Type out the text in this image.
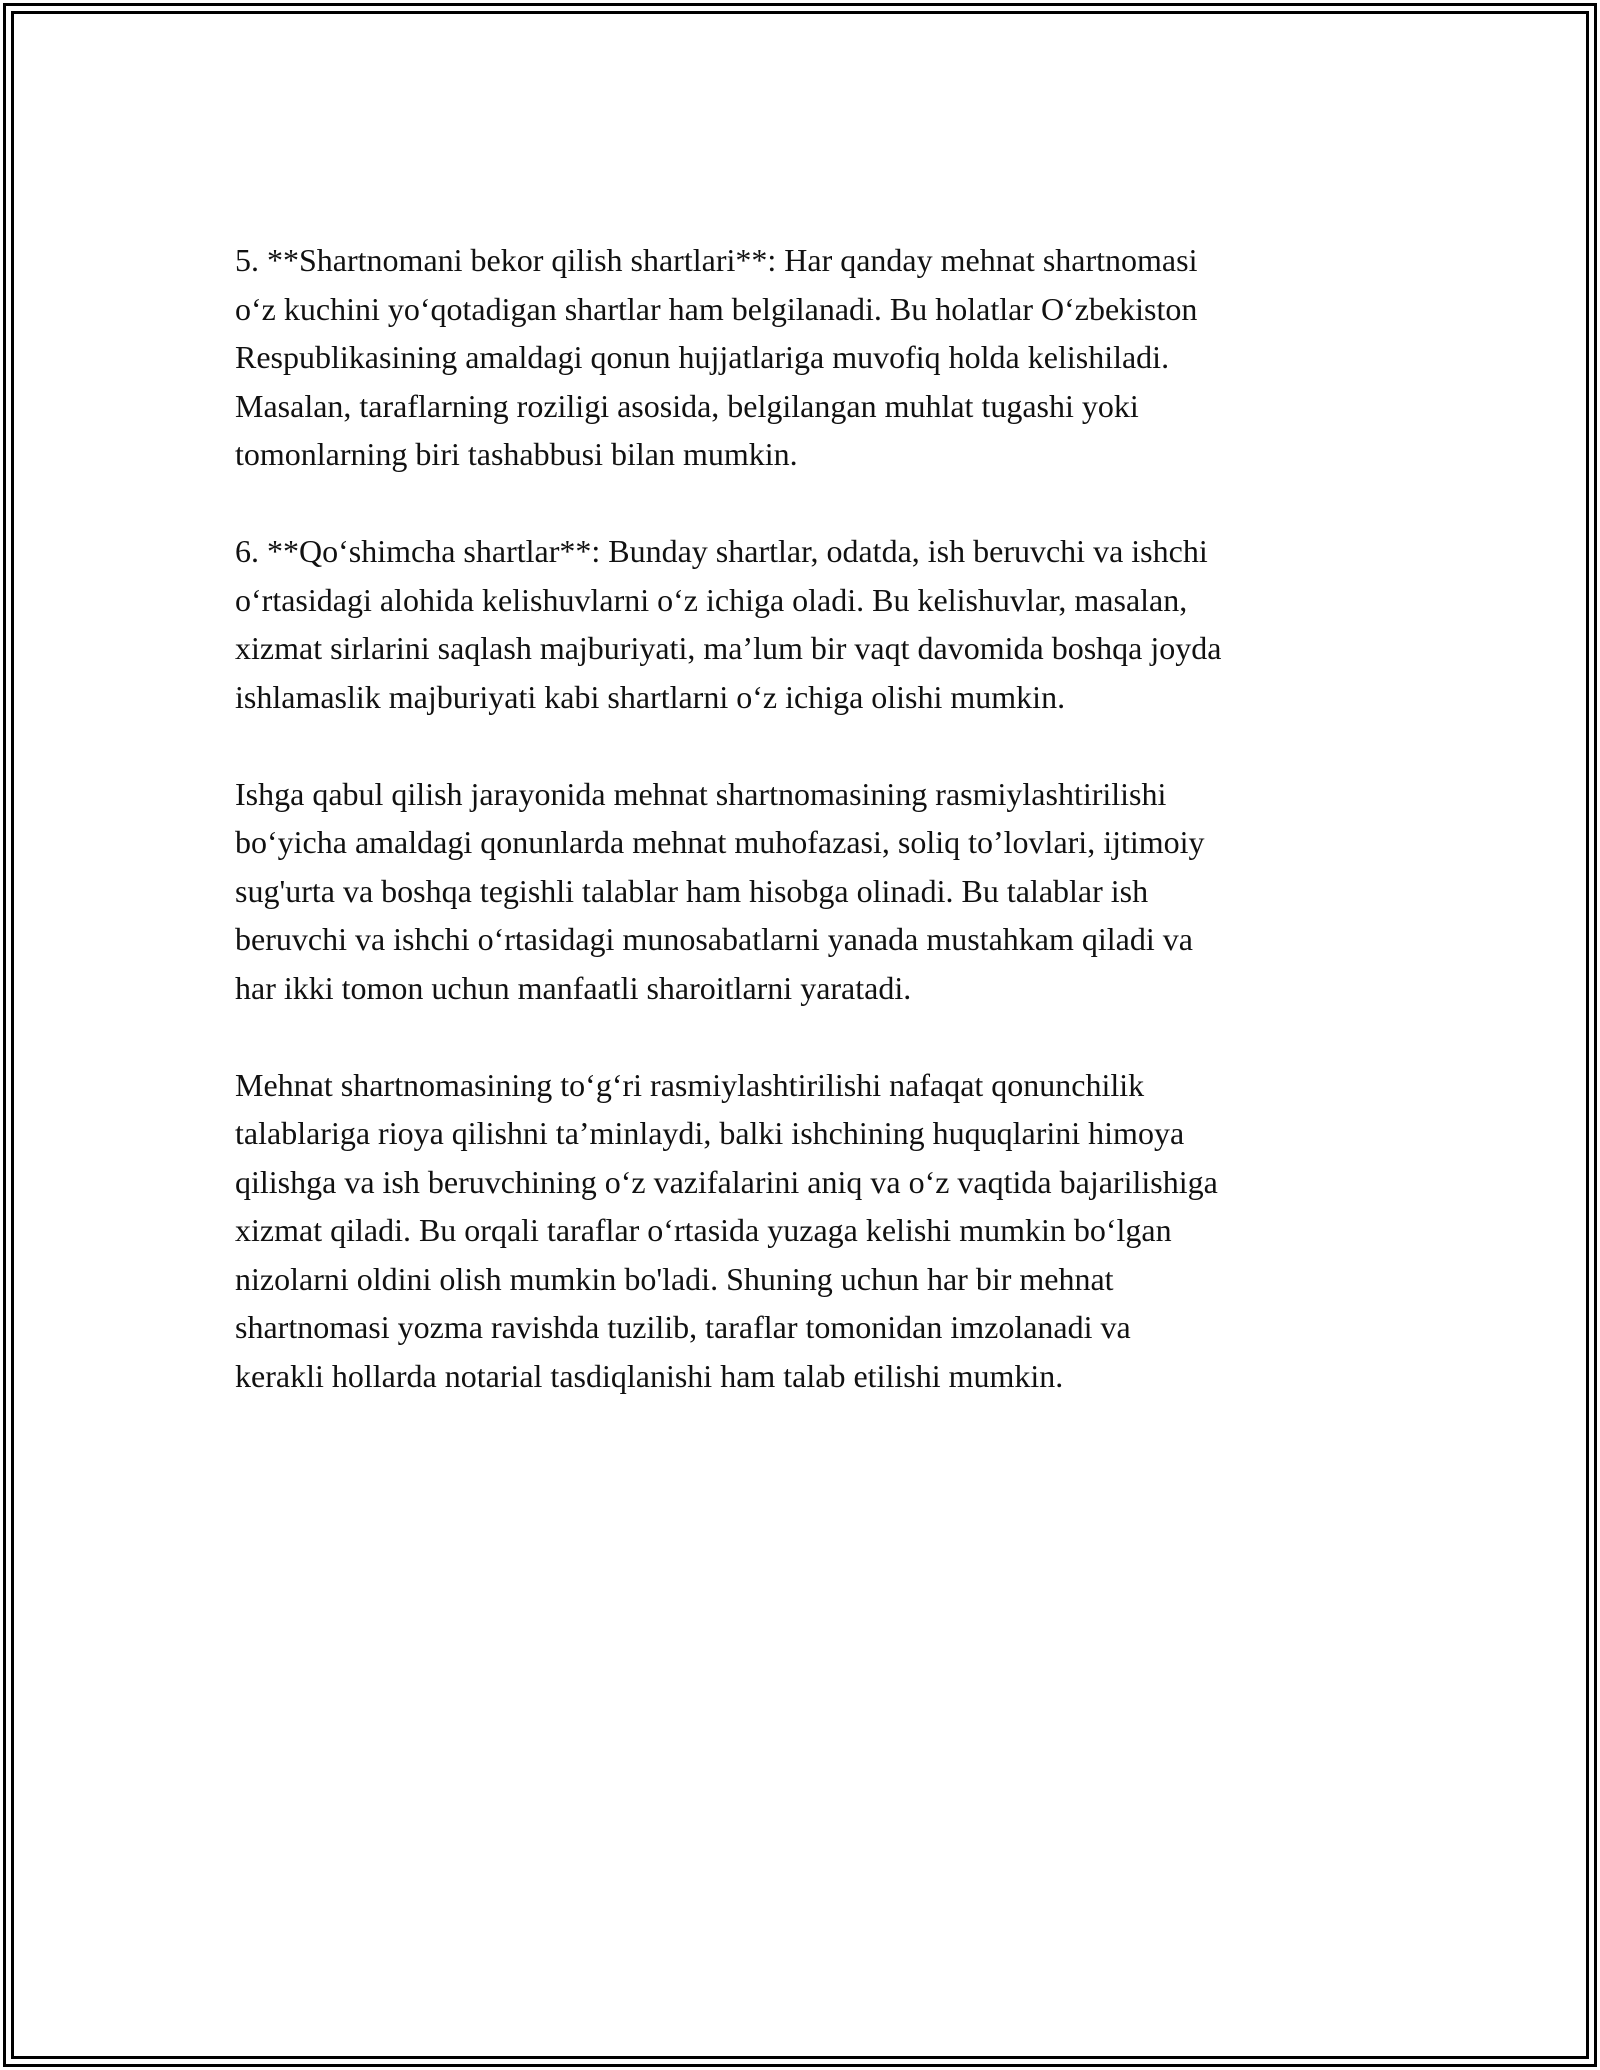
5. **Shartnomani bekor qilish shartlari**: Har qanday mehnat shartnomasi
o‘z kuchini yo‘qotadigan shartlar ham belgilanadi. Bu holatlar O‘zbekiston
Respublikasining amaldagi qonun hujjatlariga muvofiq holda kelishiladi.
Masalan, taraflarning roziligi asosida, belgilangan muhlat tugashi yoki
tomonlarning biri tashabbusi bilan mumkin.

6. **Qo‘shimcha shartlar**: Bunday shartlar, odatda, ish beruvchi va ishchi
o‘rtasidagi alohida kelishuvlarni o‘z ichiga oladi. Bu kelishuvlar, masalan,
xizmat sirlarini saqlash majburiyati, ma’lum bir vaqt davomida boshqa joyda
ishlamaslik majburiyati kabi shartlarni o‘z ichiga olishi mumkin.

Ishga qabul qilish jarayonida mehnat shartnomasining rasmiylashtirilishi
bo‘yicha amaldagi qonunlarda mehnat muhofazasi, soliq to’lovlari, ijtimoiy
sug'urta va boshqa tegishli talablar ham hisobga olinadi. Bu talablar ish
beruvchi va ishchi o‘rtasidagi munosabatlarni yanada mustahkam qiladi va
har ikki tomon uchun manfaatli sharoitlarni yaratadi.

Mehnat shartnomasining to‘g‘ri rasmiylashtirilishi nafaqat qonunchilik
talablariga rioya qilishni ta’minlaydi, balki ishchining huquqlarini himoya
qilishga va ish beruvchining o‘z vazifalarini aniq va o‘z vaqtida bajarilishiga
xizmat qiladi. Bu orqali taraflar o‘rtasida yuzaga kelishi mumkin bo‘lgan
nizolarni oldini olish mumkin bo'ladi. Shuning uchun har bir mehnat
shartnomasi yozma ravishda tuzilib, taraflar tomonidan imzolanadi va
kerakli hollarda notarial tasdiqlanishi ham talab etilishi mumkin.
